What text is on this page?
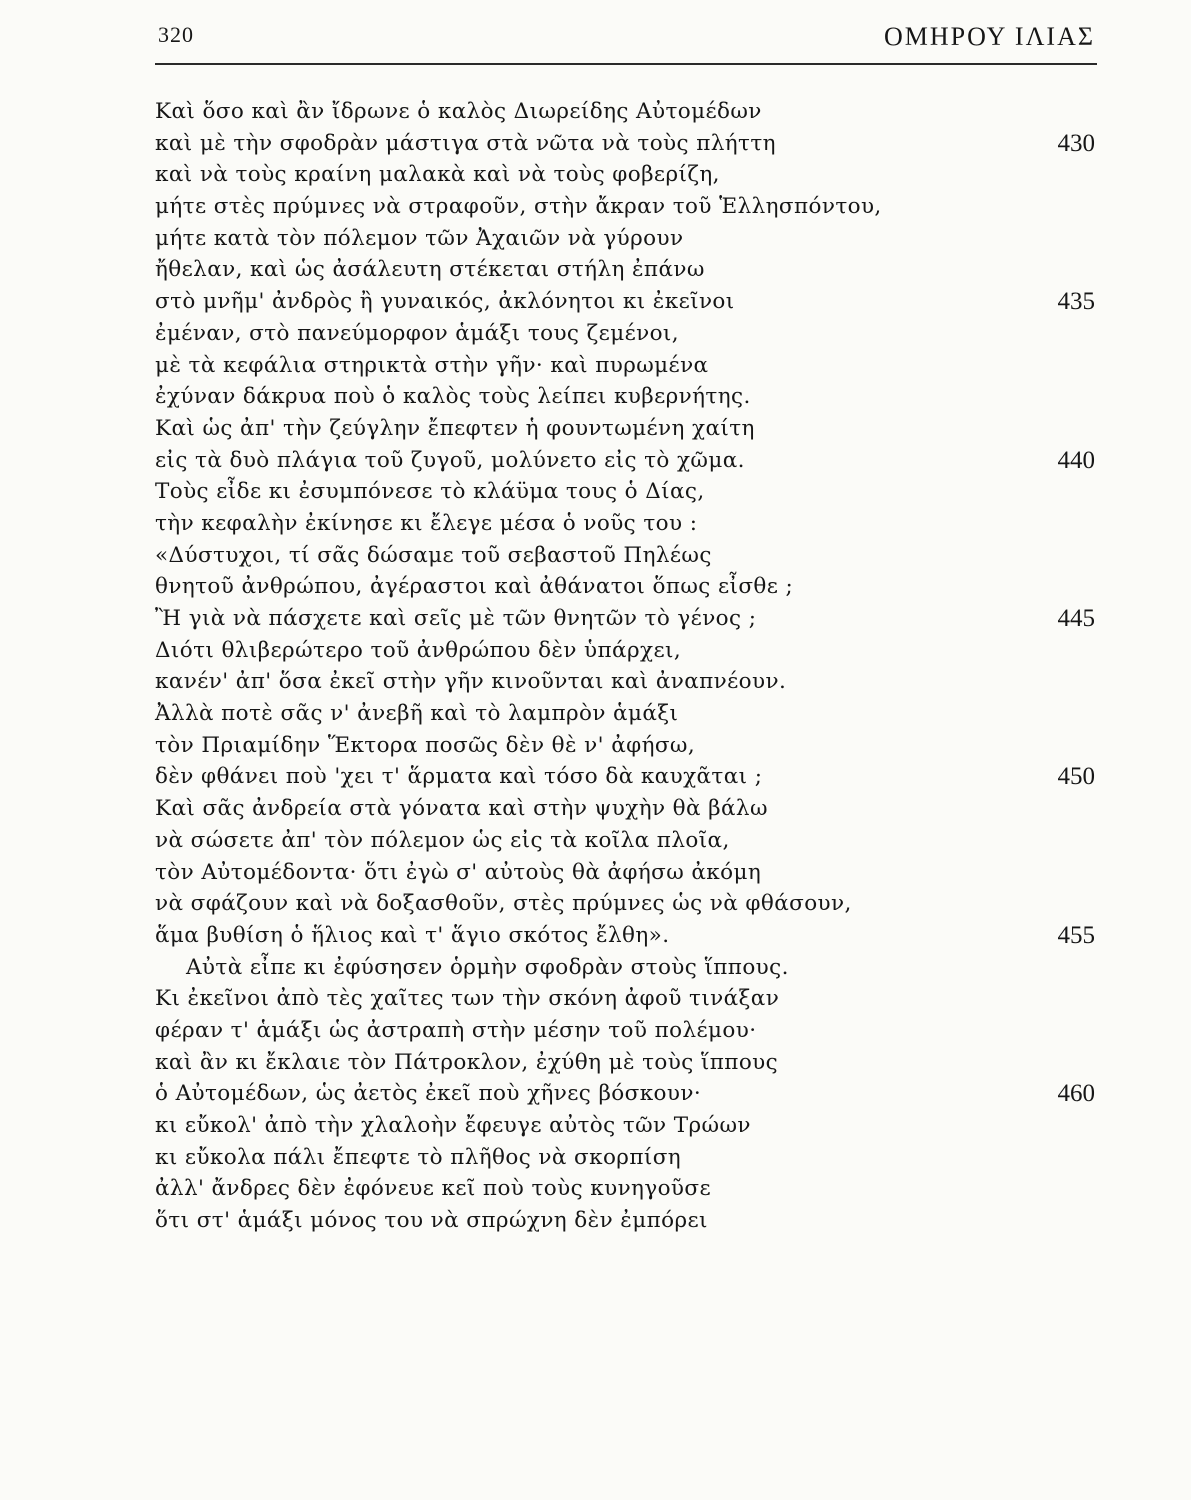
320	ΟΜΗΡΟΥ ΙΛΙΑΣ
Καὶ ὅσο καὶ ἂν ἴδρωνε ὁ καλὸς Διωρείδης Αὐτομέδων
καὶ μὲ τὴν σφοδρὰν μάστιγα στὰ νῶτα νὰ τοὺς πλήττη	430
καὶ νὰ τοὺς κραίνη μαλακὰ καὶ νὰ τοὺς φοβερίζη,
μήτε στὲς πρύμνες νὰ στραφοῦν, στὴν ἄκραν τοῦ Ἑλλησπόντου,
μήτε κατὰ τὸν πόλεμον τῶν Ἀχαιῶν νὰ γύρουν
ἤθελαν, καὶ ὡς ἀσάλευτη στέκεται στήλη ἐπάνω
στὸ μνῆμ' ἀνδρὸς ἢ γυναικός, ἀκλόνητοι κι ἐκεῖνοι	435
ἐμέναν, στὸ πανεύμορφον ἁμάξι τους ζεμένοι,
μὲ τὰ κεφάλια στηρικτὰ στὴν γῆν· καὶ πυρωμένα
ἐχύναν δάκρυα ποὺ ὁ καλὸς τοὺς λείπει κυβερνήτης.
Καὶ ὡς ἀπ' τὴν ζεύγλην ἔπεφτεν ἡ φουντωμένη χαίτη
εἰς τὰ δυὸ πλάγια τοῦ ζυγοῦ, μολύνετο εἰς τὸ χῶμα.	440
Τοὺς εἶδε κι ἐσυμπόνεσε τὸ κλάϋμα τους ὁ Δίας,
τὴν κεφαλὴν ἐκίνησε κι ἔλεγε μέσα ὁ νοῦς του :
«Δύστυχοι, τί σᾶς δώσαμε τοῦ σεβαστοῦ Πηλέως
θνητοῦ ἀνθρώπου, ἀγέραστοι καὶ ἀθάνατοι ὅπως εἶσθε ;
Ἢ γιὰ νὰ πάσχετε καὶ σεῖς μὲ τῶν θνητῶν τὸ γένος ;	445
Διότι θλιβερώτερο τοῦ ἀνθρώπου δὲν ὑπάρχει,
κανέν' ἀπ' ὅσα ἐκεῖ στὴν γῆν κινοῦνται καὶ ἀναπνέουν.
Ἀλλὰ ποτὲ σᾶς ν' ἀνεβῆ καὶ τὸ λαμπρὸν ἁμάξι
τὸν Πριαμίδην Ἕκτορα ποσῶς δὲν θὲ ν' ἀφήσω,
δὲν φθάνει ποὺ 'χει τ' ἅρματα καὶ τόσο δὰ καυχᾶται ;	450
Καὶ σᾶς ἀνδρεία στὰ γόνατα καὶ στὴν ψυχὴν θὰ βάλω
νὰ σώσετε ἀπ' τὸν πόλεμον ὡς εἰς τὰ κοῖλα πλοῖα,
τὸν Αὐτομέδοντα· ὅτι ἐγὼ σ' αὐτοὺς θὰ ἀφήσω ἀκόμη
νὰ σφάζουν καὶ νὰ δοξασθοῦν, στὲς πρύμνες ὡς νὰ φθάσουν,
ἅμα βυθίση ὁ ἥλιος καὶ τ' ἅγιο σκότος ἔλθη».	455
Αὐτὰ εἶπε κι ἐφύσησεν ὁρμὴν σφοδρὰν στοὺς ἵππους.
Κι ἐκεῖνοι ἀπὸ τὲς χαῖτες των τὴν σκόνη ἀφοῦ τινάξαν
φέραν τ' ἁμάξι ὡς ἀστραπὴ στὴν μέσην τοῦ πολέμου·
καὶ ἂν κι ἔκλαιε τὸν Πάτροκλον, ἐχύθη μὲ τοὺς ἵππους
ὁ Αὐτομέδων, ὡς ἀετὸς ἐκεῖ ποὺ χῆνες βόσκουν·	460
κι εὔκολ' ἀπὸ τὴν χλαλοὴν ἔφευγε αὐτὸς τῶν Τρώων
κι εὔκολα πάλι ἔπεφτε τὸ πλῆθος νὰ σκορπίση
ἀλλ' ἄνδρες δὲν ἐφόνευε κεῖ ποὺ τοὺς κυνηγοῦσε
ὅτι στ' ἁμάξι μόνος του νὰ σπρώχνη δὲν ἐμπόρει
